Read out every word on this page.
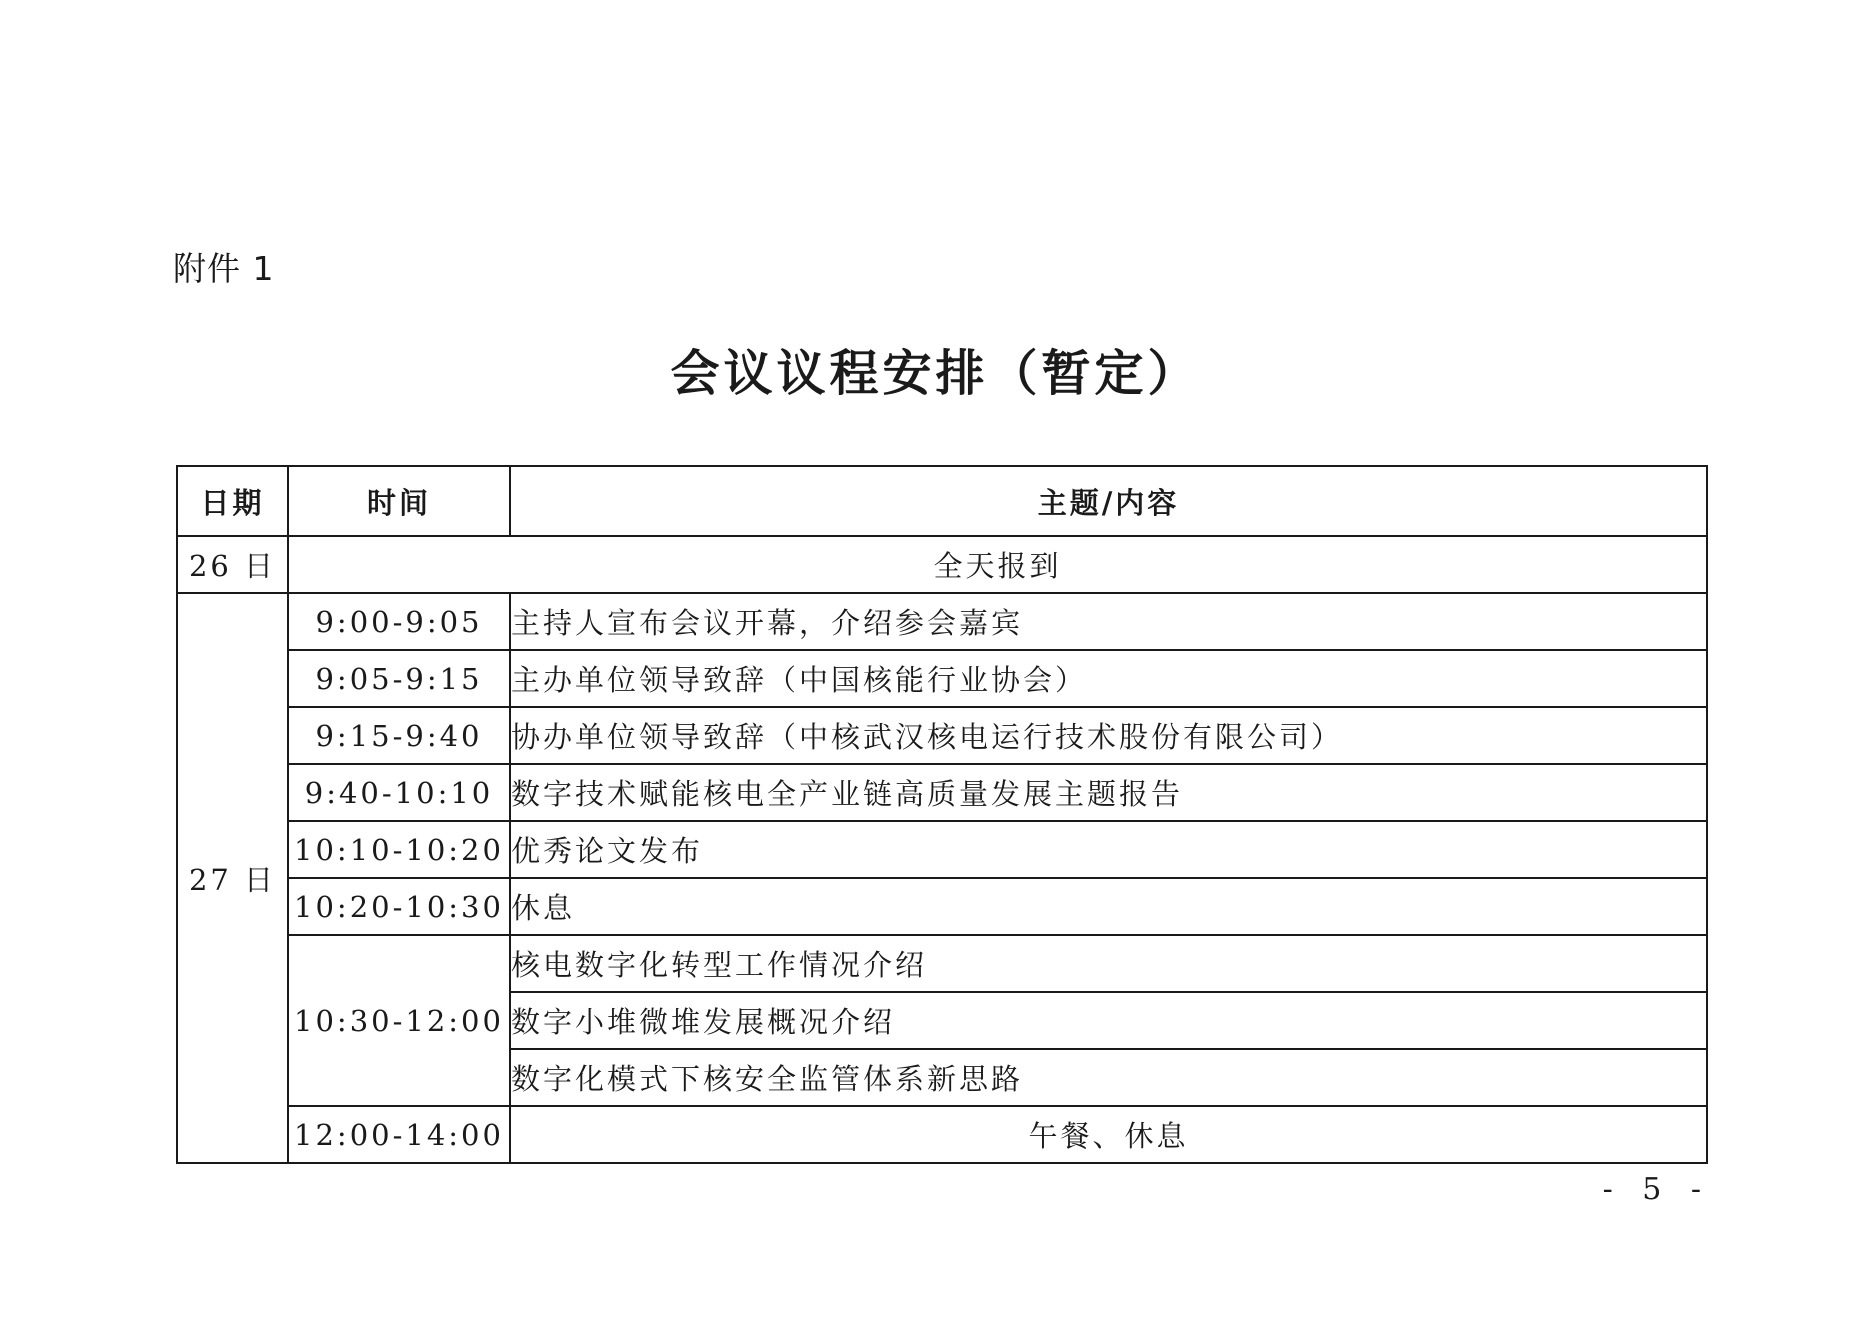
附件 1
会议议程安排（暂定）
日期	时间	主题/内容
26 日	全天报到	
27 日	9:00-9:05	主持人宣布会议开幕，介绍参会嘉宾
	9:05-9:15	主办单位领导致辞（中国核能行业协会）
	9:15-9:40	协办单位领导致辞（中核武汉核电运行技术股份有限公司）
	9:40-10:10	数字技术赋能核电全产业链高质量发展主题报告
	10:10-10:20	优秀论文发布
	10:20-10:30	休息
	10:30-12:00	核电数字化转型工作情况介绍
		数字小堆微堆发展概况介绍
		数字化模式下核安全监管体系新思路
	12:00-14:00	午餐、休息
- 5 -
